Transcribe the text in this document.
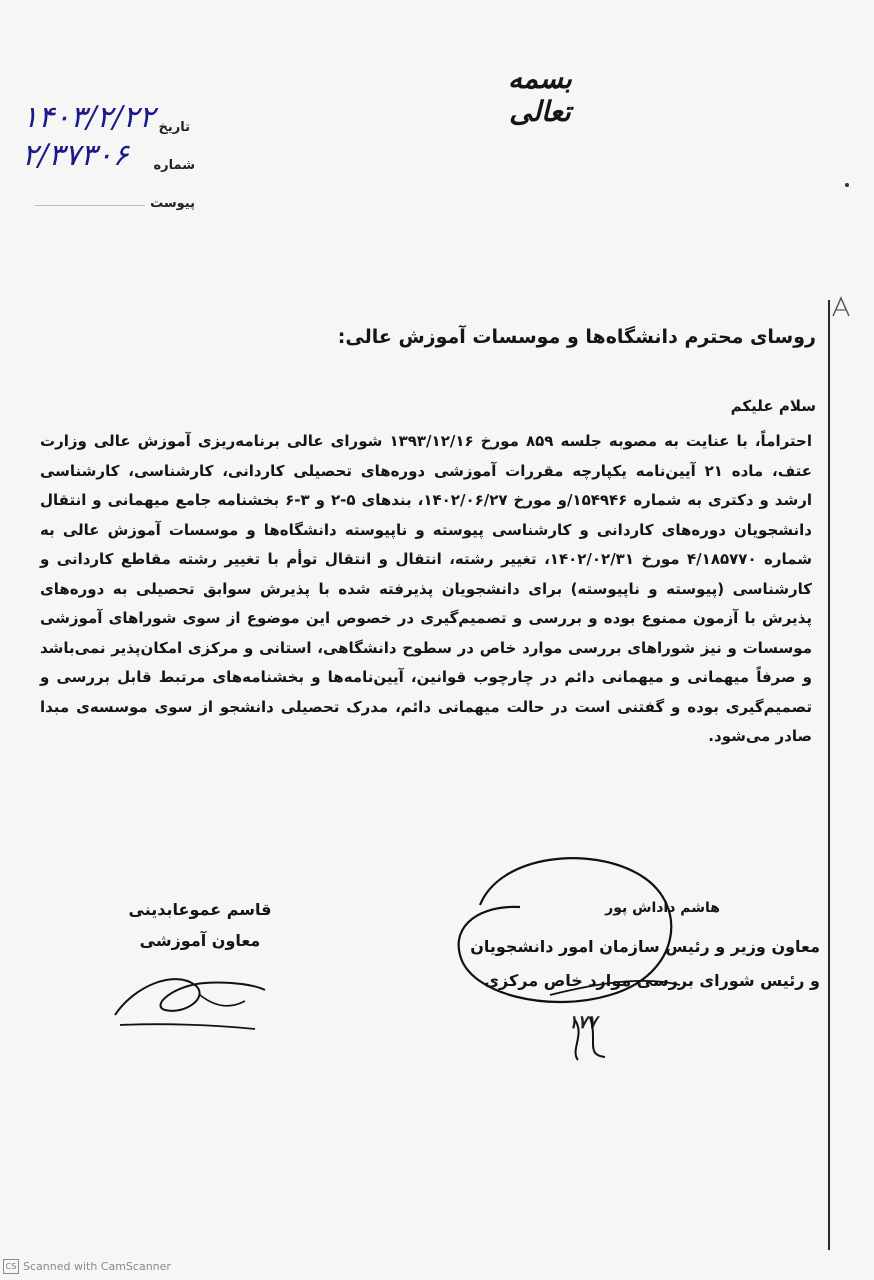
بسمه تعالی
تاریخ
۱۴۰۳/۲/۲۲
شماره
۲/۳۷۳۰۶
پیوست
روسای محترم دانشگاه‌ها و موسسات آموزش عالی:
سلام علیکم
احتراماً، با عنایت به مصوبه جلسه ۸۵۹ مورخ ۱۳۹۳/۱۲/۱۶ شورای عالی برنامه‌ریزی آموزش عالی وزارت عتف، ماده ۲۱ آیین‌نامه یکپارچه مقررات آموزشی دوره‌های تحصیلی کاردانی، کارشناسی، کارشناسی ارشد و دکتری به شماره ۱۵۴۹۴۶/و مورخ ۱۴۰۲/۰۶/۲۷، بندهای ۵-۲ و ۳-۶ بخشنامه جامع میهمانی و انتقال دانشجویان دوره‌های کاردانی و کارشناسی پیوسته و ناپیوسته دانشگاه‌ها و موسسات آموزش عالی به شماره ۴/۱۸۵۷۷۰ مورخ ۱۴۰۲/۰۲/۳۱، تغییر رشته، انتقال و انتقال توأم با تغییر رشته مقاطع کاردانی و کارشناسی (پیوسته و ناپیوسته) برای دانشجویان پذیرفته شده با پذیرش سوابق تحصیلی به دوره‌های پذیرش با آزمون ممنوع بوده و بررسی و تصمیم‌گیری در خصوص این موضوع از سوی شوراهای آموزشی موسسات و نیز شوراهای بررسی موارد خاص در سطوح دانشگاهی، استانی و مرکزی امکان‌پذیر نمی‌باشد و صرفاً میهمانی و میهمانی دائم در چارچوب قوانین، آیین‌نامه‌ها و بخشنامه‌های مرتبط قابل بررسی و تصمیم‌گیری بوده و گفتنی است در حالت میهمانی دائم، مدرک تحصیلی دانشجو از سوی موسسه‌ی مبدا صادر می‌شود.
هاشم داداش پور
معاون وزیر و رئیس سازمان امور دانشجویان
و رئیس شورای بررسی موارد خاص مرکزی
۱۷۷
قاسم عموعابدینی
معاون آموزشی
CS Scanned with CamScanner
